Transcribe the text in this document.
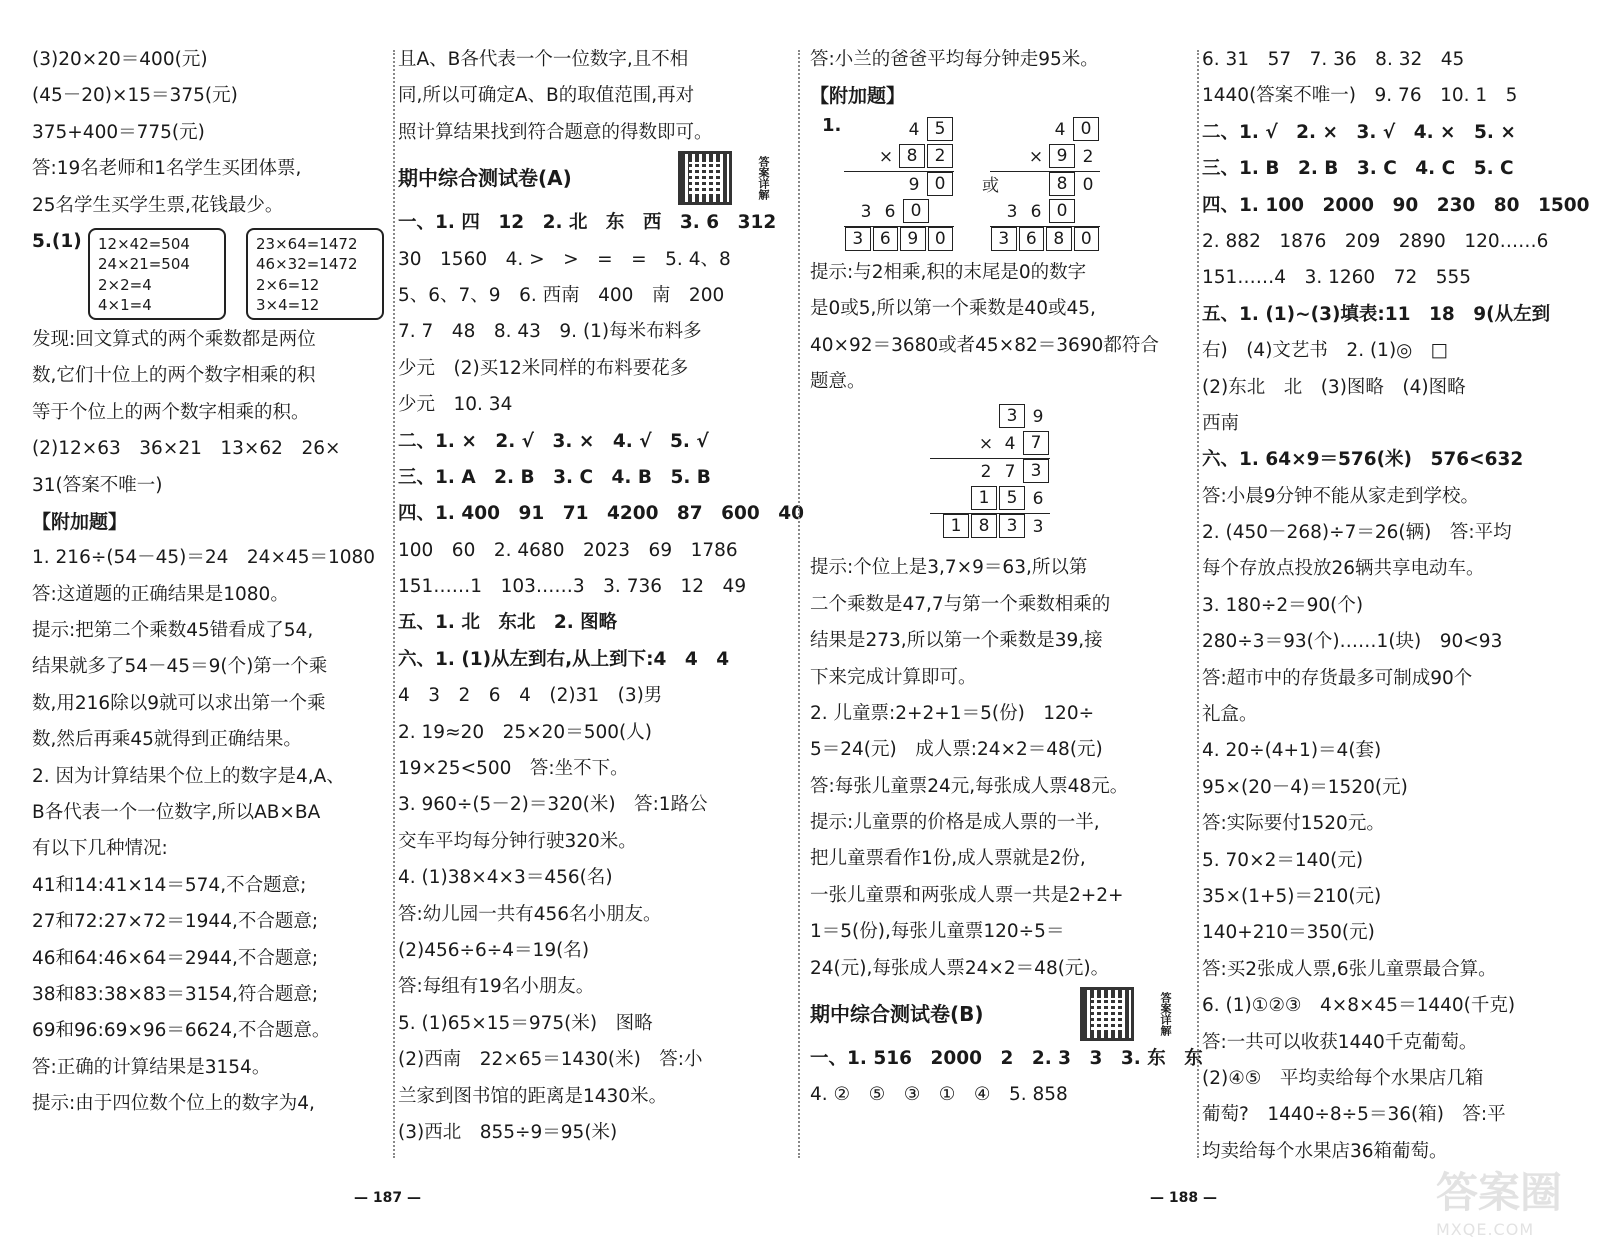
(3)20×20＝400(元)
(45－20)×15＝375(元)
375+400＝775(元)
答:19名老师和1名学生买团体票,
25名学生买学生票,花钱最少。
5.(1)	12×42=504
24×21=504
2×2=4
4×1=4
23×64=1472
46×32=1472
2×6=12
3×4=12
发现:回文算式的两个乘数都是两位
数,它们十位上的两个数字相乘的积
等于个位上的两个数字相乘的积。
(2)12×63　36×21　13×62　26×
31(答案不唯一)
【附加题】
1. 216÷(54－45)＝24　24×45＝1080
答:这道题的正确结果是1080。
提示:把第二个乘数45错看成了54,
结果就多了54－45＝9(个)第一个乘
数,用216除以9就可以求出第一个乘
数,然后再乘45就得到正确结果。
2. 因为计算结果个位上的数字是4,A、
B各代表一个一位数字,所以AB×BA
有以下几种情况:
41和14:41×14＝574,不合题意;
27和72:27×72＝1944,不合题意;
46和64:46×64＝2944,不合题意;
38和83:38×83＝3154,符合题意;
69和96:69×96＝6624,不合题意。
答:正确的计算结果是3154。
提示:由于四位数个位上的数字为4,
且A、B各代表一个一位数字,且不相
同,所以可确定A、B的取值范围,再对
照计算结果找到符合题意的得数即可。
期中综合测试卷(A)	答案详解
一、1. 四　12　2. 北　东　西　3. 6　312
30　1560　4. >　>　=　=　5. 4、8
5、6、7、9　6. 西南　400　南　200
7. 7　48　8. 43　9. (1)每米布料多
少元　(2)买12米同样的布料要花多
少元　10. 34
二、1. ×　2. √　3. ×　4. √　5. √
三、1. A　2. B　3. C　4. B　5. B
四、1. 400　91　71　4200　87　600　40
100　60　2. 4680　2023　69　1786
151……1　103……3　3. 736　12　49
五、1. 北　东北　2. 图略
六、1. (1)从左到右,从上到下:4　4　4
4　3　2　6　4　(2)31　(3)男
2. 19≈20　25×20＝500(人)
19×25<500　答:坐不下。
3. 960÷(5－2)＝320(米)　答:1路公
交车平均每分钟行驶320米。
4. (1)38×4×3＝456(名)
答:幼儿园一共有456名小朋友。
(2)456÷6÷4＝19(名)
答:每组有19名小朋友。
5. (1)65×15＝975(米)　图略
(2)西南　22×65＝1430(米)　答:小
兰家到图书馆的距离是1430米。
(3)西北　855÷9＝95(米)
— 187 —
答:小兰的爸爸平均每分钟走95米。
【附加题】
1.	4 5
× 8	2
9 0
3 6 0
3 6 9 0
或
4 0
× 9 2
8 0
3 6 0
3 6 8 0
提示:与2相乘,积的末尾是0的数字
是0或5,所以第一个乘数是40或45,
40×92＝3680或者45×82＝3690都符合
题意。
3 9
× 4 7
2 7 3
1	5 6
1	8	3 3
提示:个位上是3,7×9＝63,所以第
二个乘数是47,7与第一个乘数相乘的
结果是273,所以第一个乘数是39,接
下来完成计算即可。
2. 儿童票:2+2+1＝5(份)　120÷
5＝24(元)　成人票:24×2＝48(元)
答:每张儿童票24元,每张成人票48元。
提示:儿童票的价格是成人票的一半,
把儿童票看作1份,成人票就是2份,
一张儿童票和两张成人票一共是2+2+
1＝5(份),每张儿童票120÷5＝
24(元),每张成人票24×2＝48(元)。
期中综合测试卷(B)	答案详解
一、1. 516　2000　2　2. 3　3　3. 东　东
4. ②　⑤　③　①　④　5. 858
6. 31　57　7. 36　8. 32　45
1440(答案不唯一)　9. 76　10. 1　5
二、1. √　2. ×　3. √　4. ×　5. ×
三、1. B　2. B　3. C　4. C　5. C
四、1. 100　2000　90　230　80　1500
2. 882　1876　209　2890　120……6
151……4　3. 1260　72　555
五、1. (1)~(3)填表:11　18　9(从左到
右)　(4)文艺书　2. (1)◎　□
(2)东北　北　(3)图略　(4)图略
西南
六、1. 64×9＝576(米)　576<632
答:小晨9分钟不能从家走到学校。
2. (450－268)÷7＝26(辆)　答:平均
每个存放点投放26辆共享电动车。
3. 180÷2＝90(个)
280÷3＝93(个)……1(块)　90<93
答:超市中的存货最多可制成90个
礼盒。
4. 20÷(4+1)＝4(套)
95×(20－4)＝1520(元)
答:实际要付1520元。
5. 70×2＝140(元)
35×(1+5)＝210(元)
140+210＝350(元)
答:买2张成人票,6张儿童票最合算。
6. (1)①②③　4×8×45＝1440(千克)
答:一共可以收获1440千克葡萄。
(2)④⑤　平均卖给每个水果店几箱
葡萄?　1440÷8÷5＝36(箱)　答:平
均卖给每个水果店36箱葡萄。
— 188 —	答案圈
MXQE.COM
